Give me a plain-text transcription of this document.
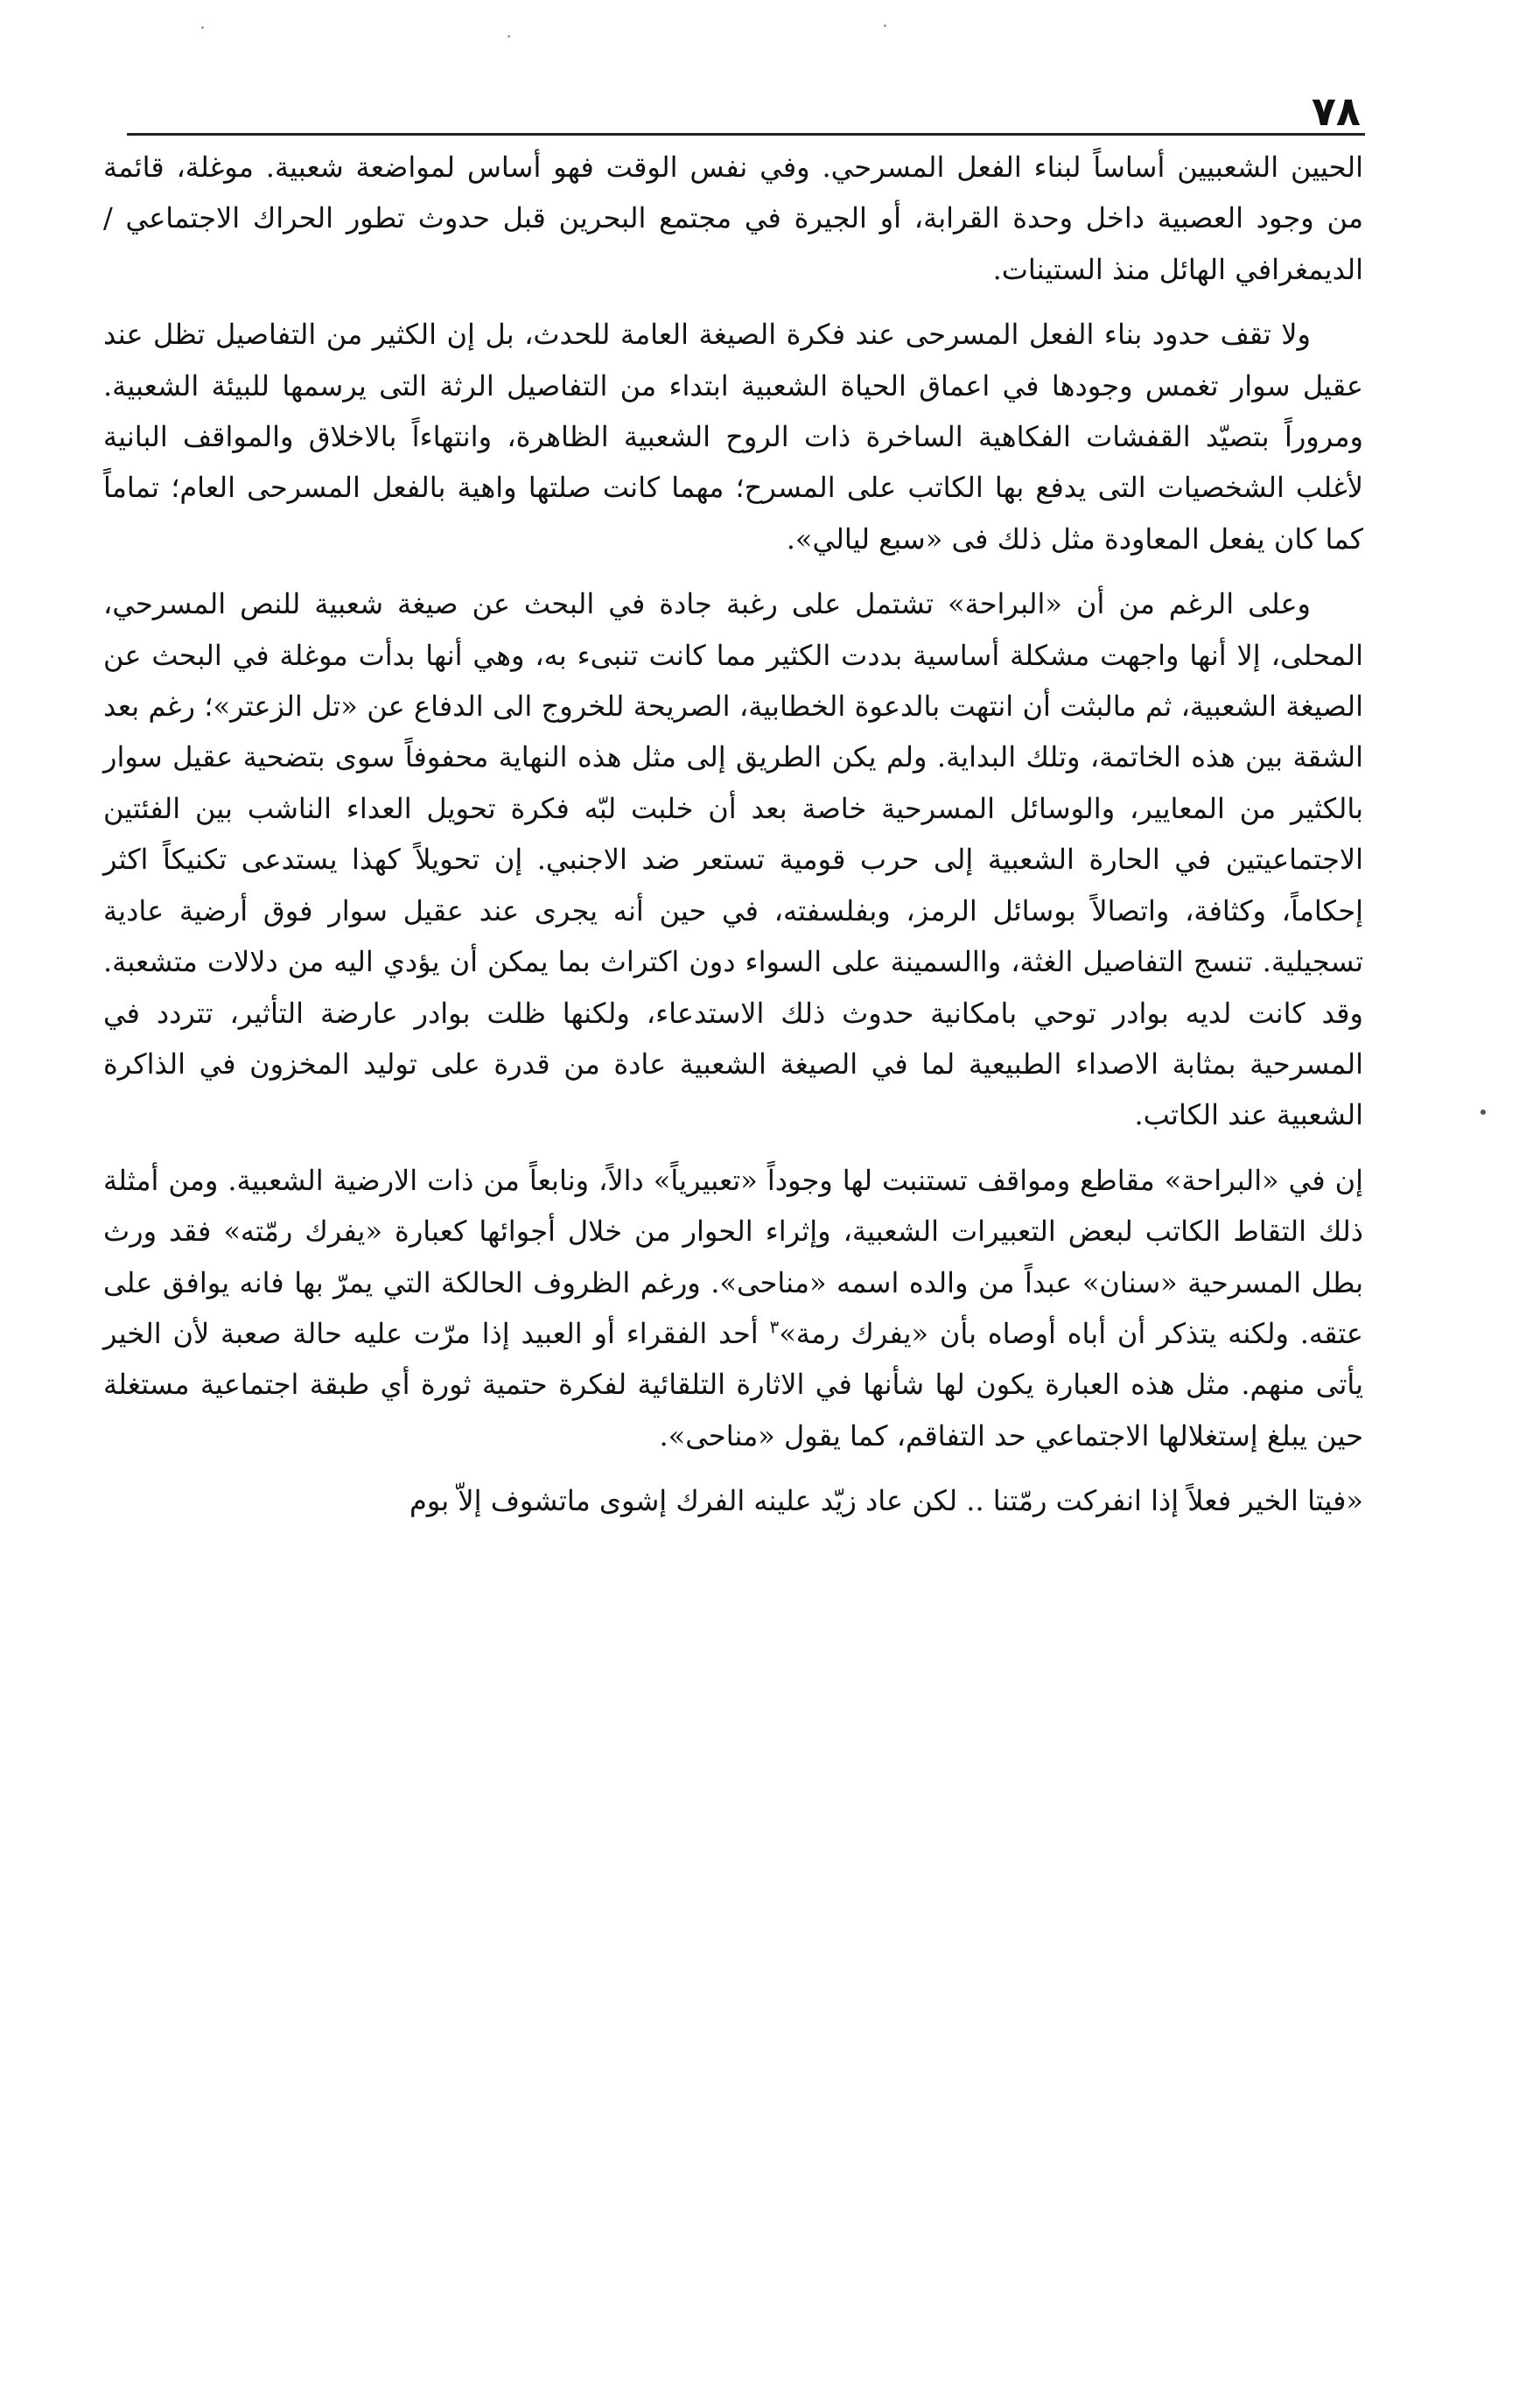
٧٨

الحيين الشعبيين أساساً لبناء الفعل المسرحي. وفي نفس الوقت فهو أساس لمواضعة شعبية. موغلة، قائمة من وجود العصبية داخل وحدة القرابة، أو الجيرة في مجتمع البحرين قبل حدوث تطور الحراك الاجتماعي / الديمغرافي الهائل منذ الستينات.

ولا تقف حدود بناء الفعل المسرحى عند فكرة الصيغة العامة للحدث، بل إن الكثير من التفاصيل تظل عند عقيل سوار تغمس وجودها في اعماق الحياة الشعبية ابتداء من التفاصيل الرثة التى يرسمها للبيئة الشعبية. ومروراً بتصيّد القفشات الفكاهية الساخرة ذات الروح الشعبية الظاهرة، وانتهاءاً بالاخلاق والمواقف البانية لأغلب الشخصيات التى يدفع بها الكاتب على المسرح؛ مهما كانت صلتها واهية بالفعل المسرحى العام؛ تماماً كما كان يفعل المعاودة مثل ذلك فى «سبع ليالي».

وعلى الرغم من أن «البراحة» تشتمل على رغبة جادة في البحث عن صيغة شعبية للنص المسرحي، المحلى، إلا أنها واجهت مشكلة أساسية بددت الكثير مما كانت تنبىء به، وهي أنها بدأت موغلة في البحث عن الصيغة الشعبية، ثم مالبثت أن انتهت بالدعوة الخطابية، الصريحة للخروج الى الدفاع عن «تل الزعتر»؛ رغم بعد الشقة بين هذه الخاتمة، وتلك البداية. ولم يكن الطريق إلى مثل هذه النهاية محفوفاً سوى بتضحية عقيل سوار بالكثير من المعايير، والوسائل المسرحية خاصة بعد أن خلبت لبّه فكرة تحويل العداء الناشب بين الفئتين الاجتماعيتين في الحارة الشعبية إلى حرب قومية تستعر ضد الاجنبي. إن تحويلاً كهذا يستدعى تكنيكاً اكثر إحكاماً، وكثافة، واتصالاً بوسائل الرمز، وبفلسفته، في حين أنه يجرى عند عقيل سوار فوق أرضية عادية تسجيلية. تنسج التفاصيل الغثة، واالسمينة على السواء دون اكتراث بما يمكن أن يؤدي اليه من دلالات متشعبة. وقد كانت لديه بوادر توحي بامكانية حدوث ذلك الاستدعاء، ولكنها ظلت بوادر عارضة التأثير، تتردد في المسرحية بمثابة الاصداء الطبيعية لما في الصيغة الشعبية عادة من قدرة على توليد المخزون في الذاكرة الشعبية عند الكاتب.

إن في «البراحة» مقاطع ومواقف تستنبت لها وجوداً «تعبيرياً» دالاً، ونابعاً من ذات الارضية الشعبية. ومن أمثلة ذلك التقاط الكاتب لبعض التعبيرات الشعبية، وإثراء الحوار من خلال أجوائها كعبارة «يفرك رمّته» فقد ورث بطل المسرحية «سنان» عبداً من والده اسمه «مناحى». ورغم الظروف الحالكة التي يمرّ بها فانه يوافق على عتقه. ولكنه يتذكر أن أباه أوصاه بأن «يفرك رمة»$^٣$ أحد الفقراء أو العبيد إذا مرّت عليه حالة صعبة لأن الخير يأتى منهم. مثل هذه العبارة يكون لها شأنها في الاثارة التلقائية لفكرة حتمية ثورة أي طبقة اجتماعية مستغلة حين يبلغ إستغلالها الاجتماعي حد التفاقم، كما يقول «مناحى».

«فيتا الخير فعلاً إذا انفركت رمّتنا .. لكن عاد زيّد علينه الفرك إشوى ماتشوف إلاّ بوم
